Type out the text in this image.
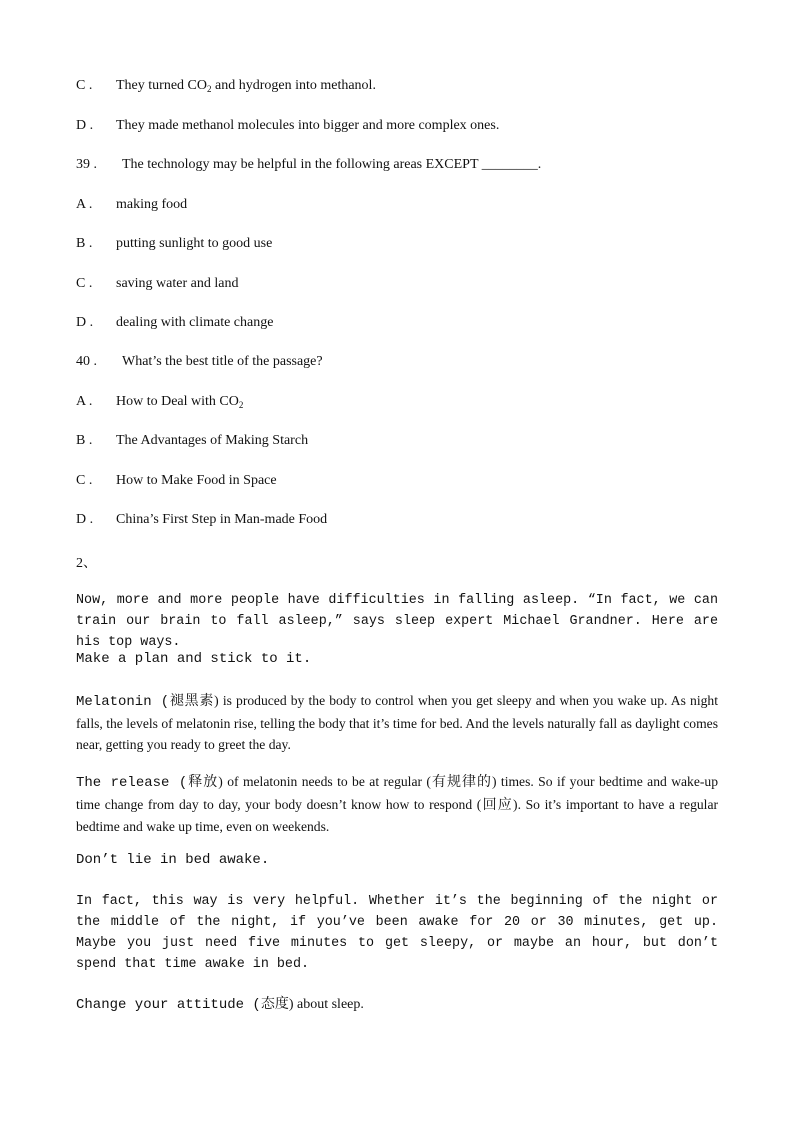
C . They turned $CO_2$ and hydrogen into methanol.
D . They made methanol molecules into bigger and more complex ones.
39 . The technology may be helpful in the following areas EXCEPT ________.
A . making food
B . putting sunlight to good use
C . saving water and land
D . dealing with climate change
40 . What’s the best title of the passage?
A . How to Deal with $CO_2$
B . The Advantages of Making Starch
C . How to Make Food in Space
D . China’s First Step in Man-made Food
2、
Now, more and more people have difficulties in falling asleep. “In fact, we can train our brain to fall asleep,” says sleep expert Michael Grandner. Here are his top ways.
Make a plan and stick to it.
Melatonin (褪黑素) is produced by the body to control when you get sleepy and when you wake up. As night falls, the levels of melatonin rise, telling the body that it’s time for bed. And the levels naturally fall as daylight comes near, getting you ready to greet the day.
The release (释放) of melatonin needs to be at regular (有规律的) times. So if your bedtime and wake-up time change from day to day, your body doesn’t know how to respond (回应). So it’s important to have a regular bedtime and wake up time, even on weekends.
Don’t lie in bed awake.
In fact, this way is very helpful. Whether it’s the beginning of the night or the middle of the night, if you’ve been awake for 20 or 30 minutes, get up. Maybe you just need five minutes to get sleepy, or maybe an hour, but don’t spend that time awake in bed.
Change your attitude (态度) about sleep.
